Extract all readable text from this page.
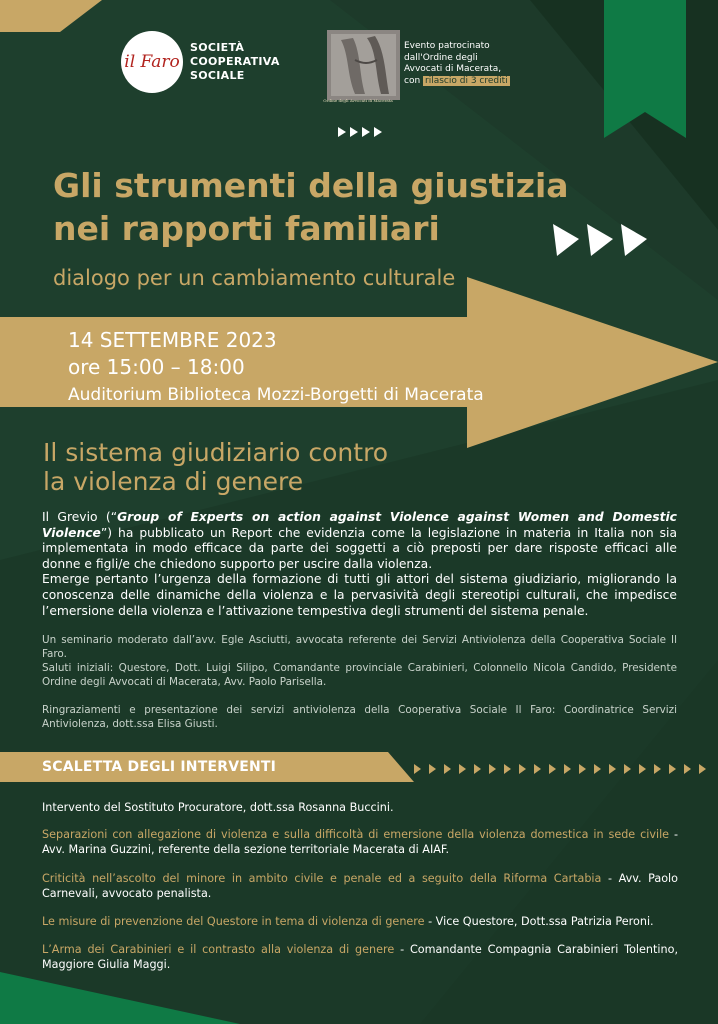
il Faro
SOCIETÀ
COOPERATIVA
SOCIALE
Ordine degli Avvocati di Macerata
Evento patrocinato
dall'Ordine degli
Avvocati di Macerata,
con rilascio di 3 crediti
Gli strumenti della giustizia
nei rapporti familiari
dialogo per un cambiamento culturale
14 SETTEMBRE 2023
ore 15:00 – 18:00
Auditorium Biblioteca Mozzi-Borgetti di Macerata
Il sistema giudiziario contro
la violenza di genere

Il Grevio (“Group of Experts on action against Violence against Women and Domestic Violence”) ha pubblicato un Report che evidenzia come la legislazione in materia in Italia non sia implementata in modo efficace da parte dei soggetti a ciò preposti per dare risposte efficaci alle donne e figli/e che chiedono supporto per uscire dalla violenza.

Emerge pertanto l’urgenza della formazione di tutti gli attori del sistema giudiziario, migliorando la conoscenza delle dinamiche della violenza e la pervasività degli stereotipi culturali, che impedisce l’emersione della violenza e l’attivazione tempestiva degli strumenti del sistema penale.

Un seminario moderato dall’avv. Egle Asciutti, avvocata referente dei Servizi Antiviolenza della Cooperativa Sociale Il Faro.

Saluti iniziali: Questore, Dott. Luigi Silipo, Comandante provinciale Carabinieri, Colonnello Nicola Candido, Presidente Ordine degli Avvocati di Macerata, Avv. Paolo Parisella.

Ringraziamenti e presentazione dei servizi antiviolenza della Cooperativa Sociale Il Faro: Coordinatrice Servizi Antiviolenza, dott.ssa Elisa Giusti.

SCALETTA DEGLI INTERVENTI

Intervento del Sostituto Procuratore, dott.ssa Rosanna Buccini.

Separazioni con allegazione di violenza e sulla difficoltà di emersione della violenza domestica in sede civile - Avv. Marina Guzzini, referente della sezione territoriale Macerata di AIAF.

Criticità nell’ascolto del minore in ambito civile e penale ed a seguito della Riforma Cartabia - Avv. Paolo Carnevali, avvocato penalista.

Le misure di prevenzione del Questore in tema di violenza di genere - Vice Questore, Dott.ssa Patrizia Peroni.

L’Arma dei Carabinieri e il contrasto alla violenza di genere - Comandante Compagnia Carabinieri Tolentino, Maggiore Giulia Maggi.
